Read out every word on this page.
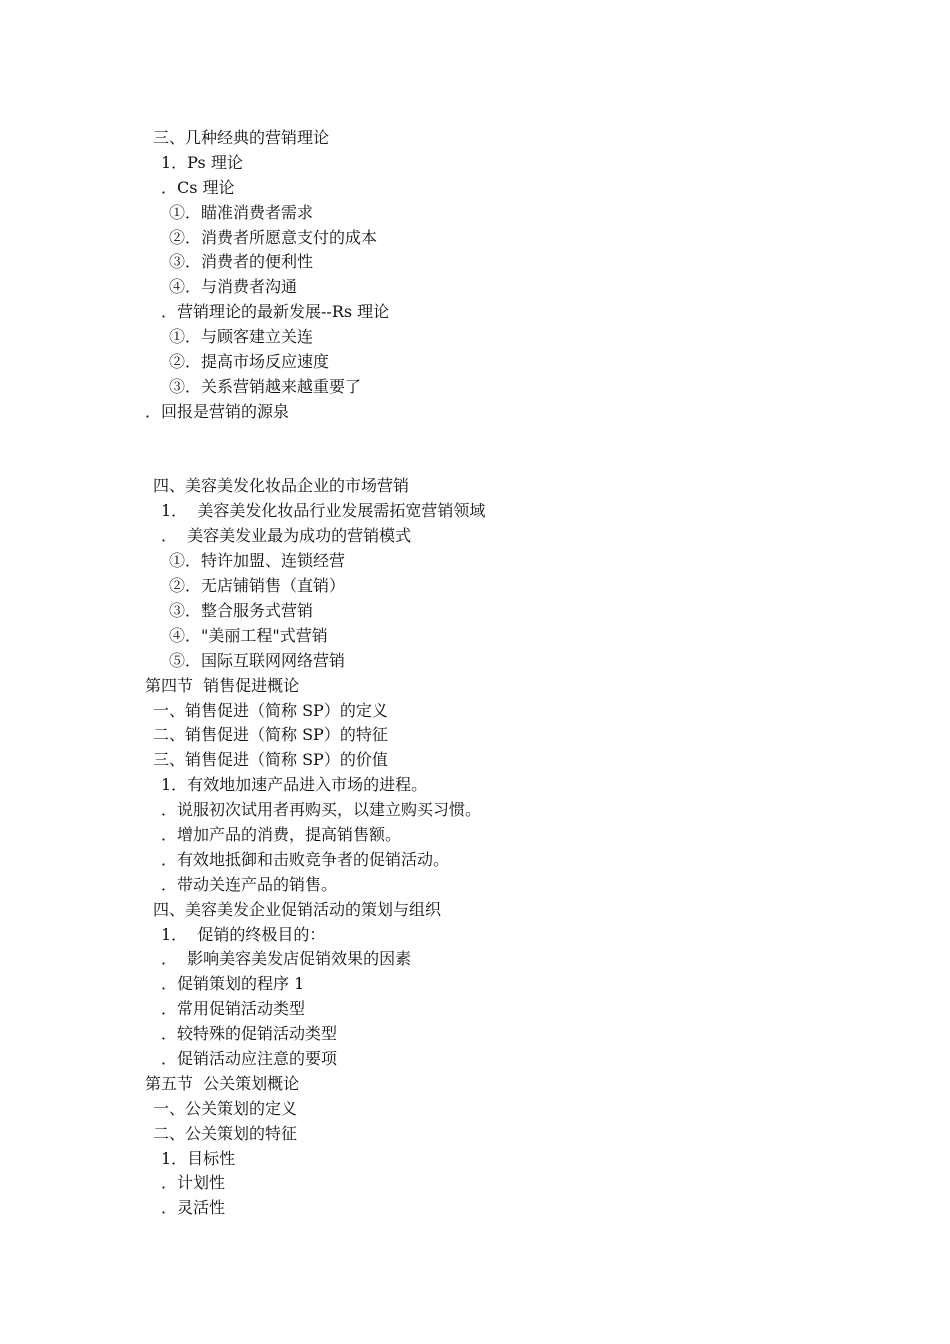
三、几种经典的营销理论
1．Ps 理论
．Cs 理论
①．瞄准消费者需求
②．消费者所愿意支付的成本
③．消费者的便利性
④．与消费者沟通
．营销理论的最新发展--Rs 理论
①．与顾客建立关连
②．提高市场反应速度
③．关系营销越来越重要了
．回报是营销的源泉
四、美容美发化妆品企业的市场营销
1．  美容美发化妆品行业发展需拓宽营销领域
．  美容美发业最为成功的营销模式
①．特许加盟、连锁经营
②．无店铺销售（直销）
③．整合服务式营销
④．"美丽工程"式营销
⑤．国际互联网网络营销
第四节  销售促进概论
一、销售促进（简称 SP）的定义
二、销售促进（简称 SP）的特征
三、销售促进（简称 SP）的价值
1．有效地加速产品进入市场的进程。
．说服初次试用者再购买，以建立购买习惯。
．增加产品的消费，提高销售额。
．有效地抵御和击败竞争者的促销活动。
．带动关连产品的销售。
四、美容美发企业促销活动的策划与组织
1．  促销的终极目的：
．  影响美容美发店促销效果的因素
．促销策划的程序 1
．常用促销活动类型
．较特殊的促销活动类型
．促销活动应注意的要项
第五节  公关策划概论
一、公关策划的定义
二、公关策划的特征
1．目标性
．计划性
．灵活性
